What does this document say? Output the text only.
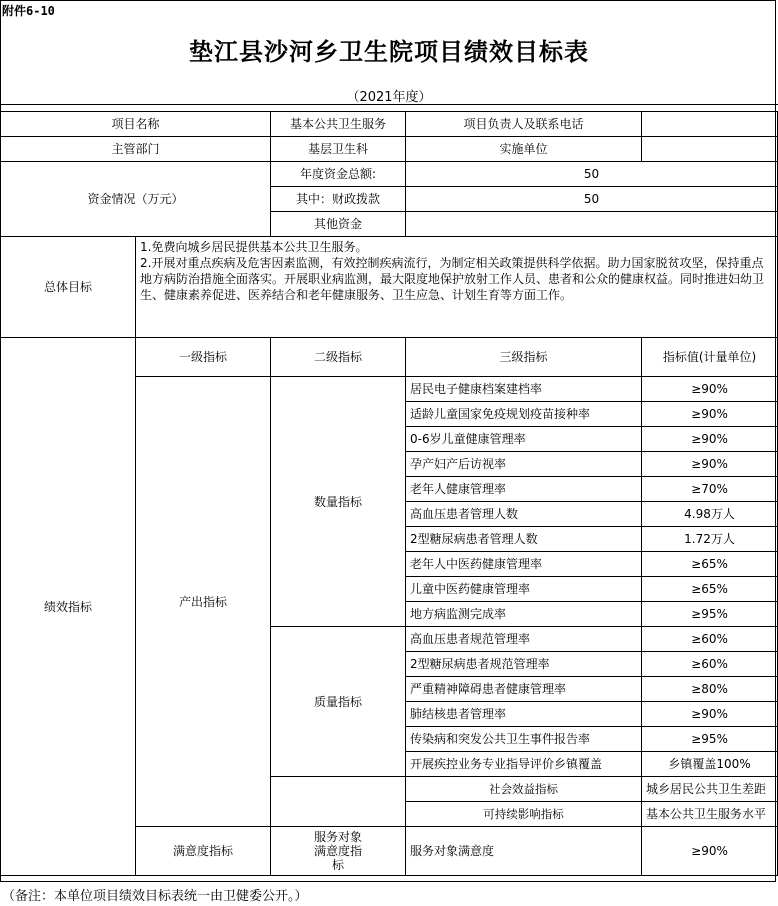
附件6-10
垫江县沙河乡卫生院项目绩效目标表
（2021年度）
项目名称		基本公共卫生服务	项目负责人及联系电话		
主管部门		基层卫生科	实施单位		
资金情况（万元）		年度资金总额:	50		
		其中：财政拨款	50		
		其他资金			
总体目标	1.免费向城乡居民提供基本公共卫生服务。
2.开展对重点疾病及危害因素监测，有效控制疾病流行，为制定相关政策提供科学依据。助力国家脱贫攻坚，保持重点地方病防治措施全面落实。开展职业病监测，最大限度地保护放射工作人员、患者和公众的健康权益。同时推进妇幼卫生、健康素养促进、医养结合和老年健康服务、卫生应急、计划生育等方面工作。				

绩效指标	一级指标	二级指标	三级指标	指标值(计量单位)	
	产出指标	数量指标	居民电子健康档案建档率	≥90%	
			适龄儿童国家免疫规划疫苗接种率	≥90%	
			0-6岁儿童健康管理率	≥90%	
			孕产妇产后访视率	≥90%	
			老年人健康管理率	≥70%	
			高血压患者管理人数	4.98万人	
			2型糖尿病患者管理人数	1.72万人	
			老年人中医药健康管理率	≥65%	
			儿童中医药健康管理率	≥65%	
			地方病监测完成率	≥95%	
		质量指标	高血压患者规范管理率	≥60%	
			2型糖尿病患者规范管理率	≥60%	
			严重精神障碍患者健康管理率	≥80%	
			肺结核患者管理率	≥90%	
			传染病和突发公共卫生事件报告率	≥95%	
			开展疾控业务专业指导评价乡镇覆盖	乡镇覆盖100%	
			社会效益指标	城乡居民公共卫生差距	
			可持续影响指标	基本公共卫生服务水平	
	满意度指标	服务对象满意度指标	服务对象满意度	≥90%	
（备注：本单位项目绩效目标表统一由卫健委公开。）
